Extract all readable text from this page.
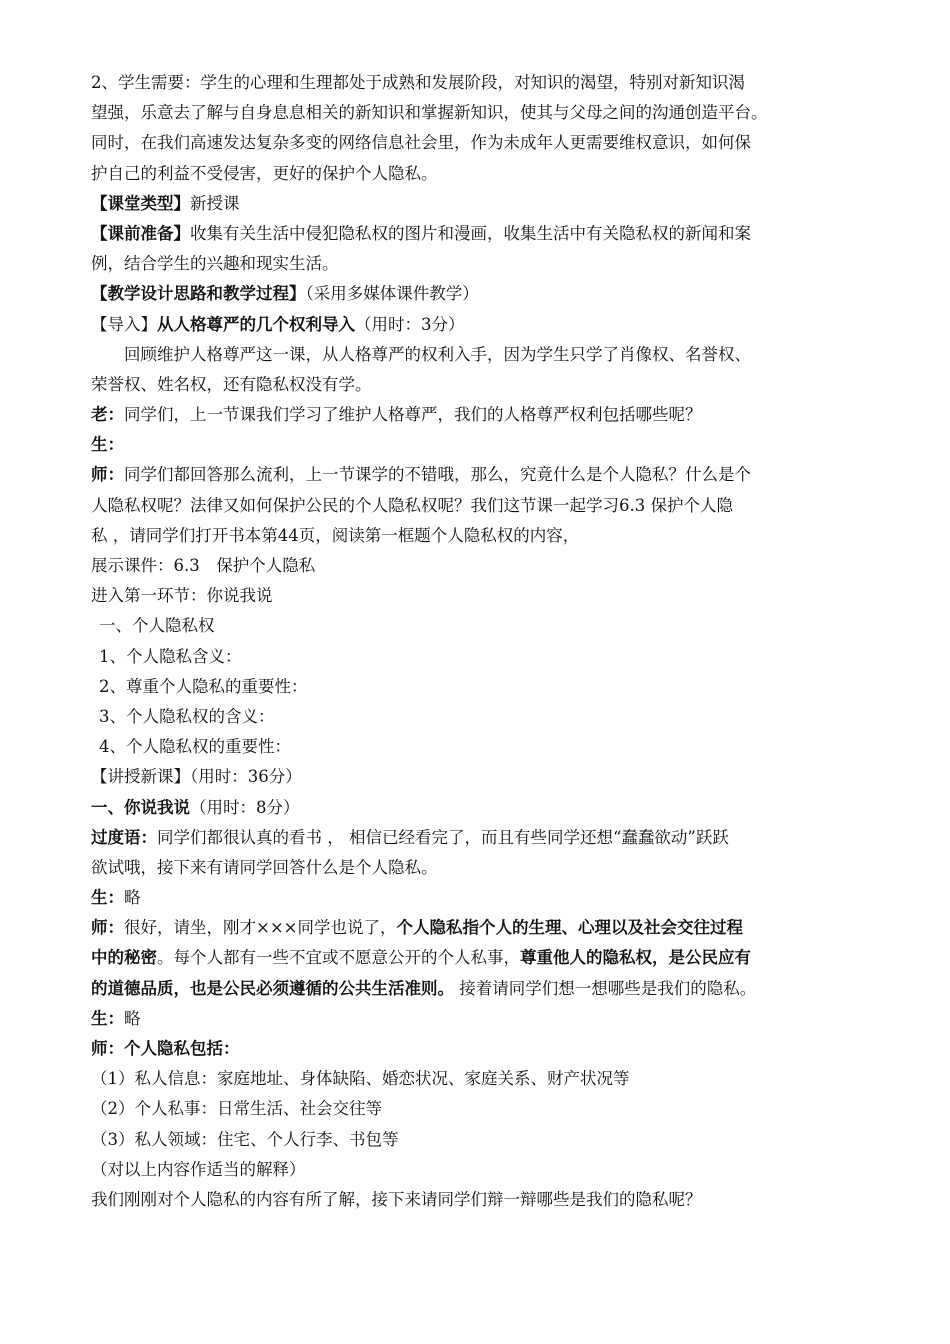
2、学生需要：学生的心理和生理都处于成熟和发展阶段，对知识的渴望，特别对新知识渴
望强，乐意去了解与自身息息相关的新知识和掌握新知识，使其与父母之间的沟通创造平台。
同时，在我们高速发达复杂多变的网络信息社会里，作为未成年人更需要维权意识，如何保
护自己的利益不受侵害，更好的保护个人隐私。
【课堂类型】新授课
【课前准备】收集有关生活中侵犯隐私权的图片和漫画，收集生活中有关隐私权的新闻和案
例，结合学生的兴趣和现实生活。
【教学设计思路和教学过程】（采用多媒体课件教学）
【导入】从人格尊严的几个权利导入（用时：3分）
回顾维护人格尊严这一课，从人格尊严的权利入手，因为学生只学了肖像权、名誉权、
荣誉权、姓名权，还有隐私权没有学。
老：同学们，上一节课我们学习了维护人格尊严，我们的人格尊严权利包括哪些呢？
生：
师：同学们都回答那么流利，上一节课学的不错哦，那么，究竟什么是个人隐私？什么是个
人隐私权呢？法律又如何保护公民的个人隐私权呢？我们这节课一起学习6.3 保护个人隐
私 ，请同学们打开书本第44页，阅读第一框题个人隐私权的内容，
展示课件：6.3　保护个人隐私
进入第一环节：你说我说
一、个人隐私权
1、个人隐私含义：
2、尊重个人隐私的重要性：
3、个人隐私权的含义：
4、个人隐私权的重要性：
【讲授新课】（用时：36分）
一、你说我说（用时：8分）
过度语：同学们都很认真的看书 ， 相信已经看完了，而且有些同学还想“蠢蠢欲动”跃跃
欲试哦，接下来有请同学回答什么是个人隐私。
生：略
师：很好，请坐，刚才×××同学也说了，个人隐私指个人的生理、心理以及社会交往过程
中的秘密。每个人都有一些不宜或不愿意公开的个人私事，尊重他人的隐私权，是公民应有
的道德品质，也是公民必须遵循的公共生活准则。 接着请同学们想一想哪些是我们的隐私。
生：略
师：个人隐私包括：
（1）私人信息：家庭地址、身体缺陷、婚恋状况、家庭关系、财产状况等
（2）个人私事：日常生活、社会交往等
（3）私人领域：住宅、个人行李、书包等
（对以上内容作适当的解释）
我们刚刚对个人隐私的内容有所了解，接下来请同学们辩一辩哪些是我们的隐私呢？
